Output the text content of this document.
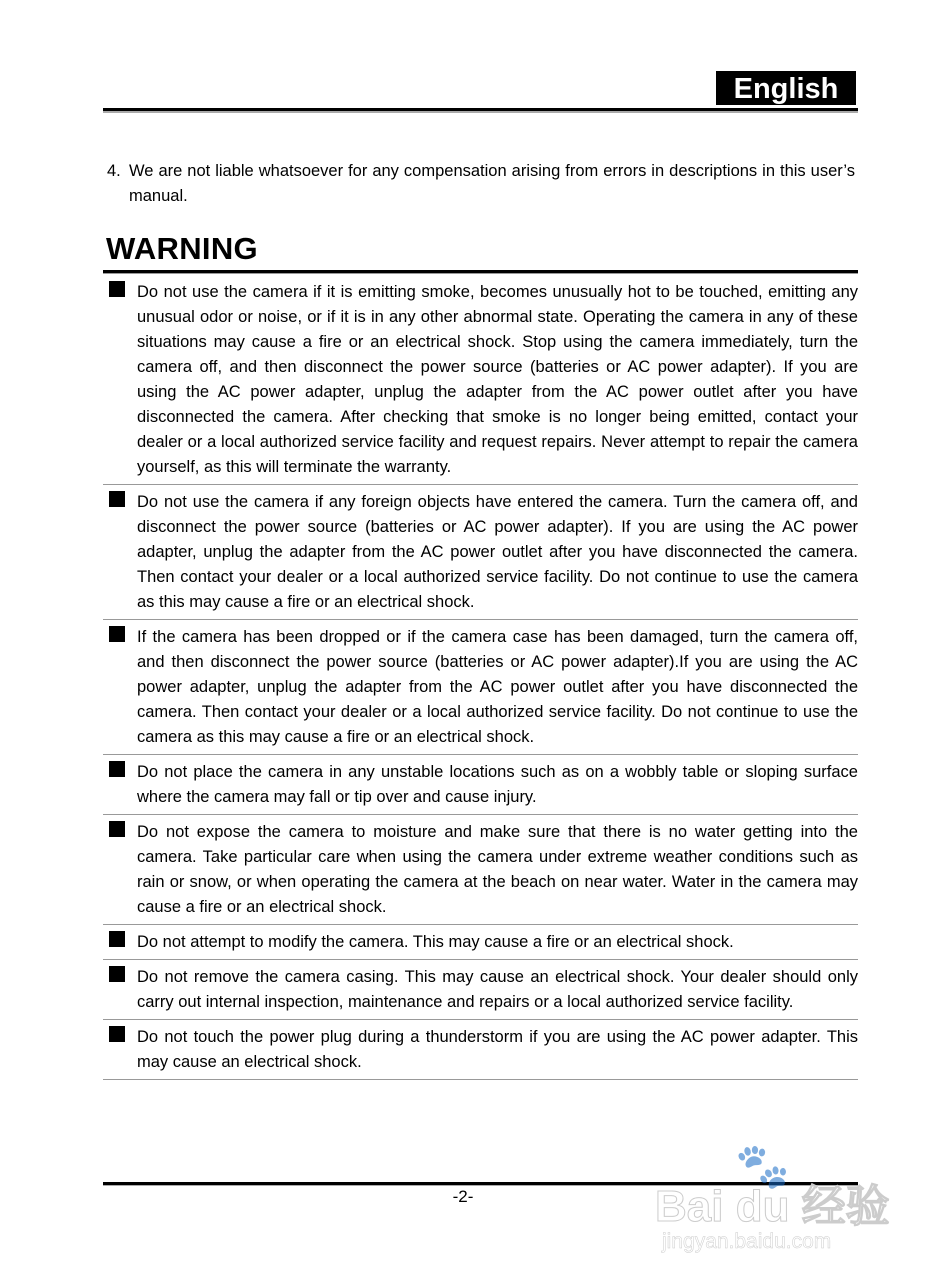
English
4. We are not liable whatsoever for any compensation arising from errors in descriptions in this user’s manual.
WARNING
Do not use the camera if it is emitting smoke, becomes unusually hot to be touched, emitting any unusual odor or noise, or if it is in any other abnormal state. Operating the camera in any of these situations may cause a fire or an electrical shock. Stop using the camera immediately, turn the camera off, and then disconnect the power source (batteries or AC power adapter). If you are using the AC power adapter, unplug the adapter from the AC power outlet after you have disconnected the camera. After checking that smoke is no longer being emitted, contact your dealer or a local authorized service facility and request repairs. Never attempt to repair the camera yourself, as this will terminate the warranty.
Do not use the camera if any foreign objects have entered the camera. Turn the camera off, and disconnect the power source (batteries or AC power adapter). If you are using the AC power adapter, unplug the adapter from the AC power outlet after you have disconnected the camera. Then contact your dealer or a local authorized service facility. Do not continue to use the camera as this may cause a fire or an electrical shock.
If the camera has been dropped or if the camera case has been damaged, turn the camera off, and then disconnect the power source (batteries or AC power adapter).If you are using the AC power adapter, unplug the adapter from the AC power outlet after you have disconnected the camera. Then contact your dealer or a local authorized service facility. Do not continue to use the camera as this may cause a fire or an electrical shock.
Do not place the camera in any unstable locations such as on a wobbly table or sloping surface where the camera may fall or tip over and cause injury.
Do not expose the camera to moisture and make sure that there is no water getting into the camera. Take particular care when using the camera under extreme weather conditions such as rain or snow, or when operating the camera at the beach on near water. Water in the camera may cause a fire or an electrical shock.
Do not attempt to modify the camera. This may cause a fire or an electrical shock.
Do not remove the camera casing. This may cause an electrical shock. Your dealer should only carry out internal inspection, maintenance and repairs or a local authorized service facility.
Do not touch the power plug during a thunderstorm if you are using the AC power adapter. This may cause an electrical shock.
-2-
🐾
Bai du 经验
jingyan.baidu.com
